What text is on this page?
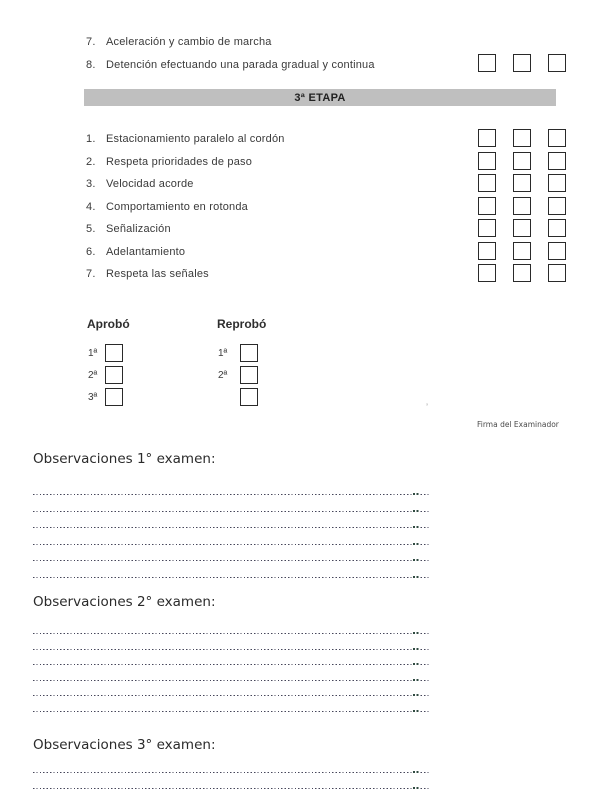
7. Aceleración y cambio de marcha
8. Detención efectuando una parada gradual y continua
3ª ETAPA
1. Estacionamiento paralelo al cordón
2. Respeta prioridades de paso
3. Velocidad acorde
4. Comportamiento en rotonda
5. Señalización
6. Adelantamiento
7. Respeta las señales
Aprobó	Reprobó
1ª
2ª
3ª
1ª
2ª
’
Firma del Examinador
Observaciones 1° examen:
Observaciones 2° examen:
Observaciones 3° examen:
